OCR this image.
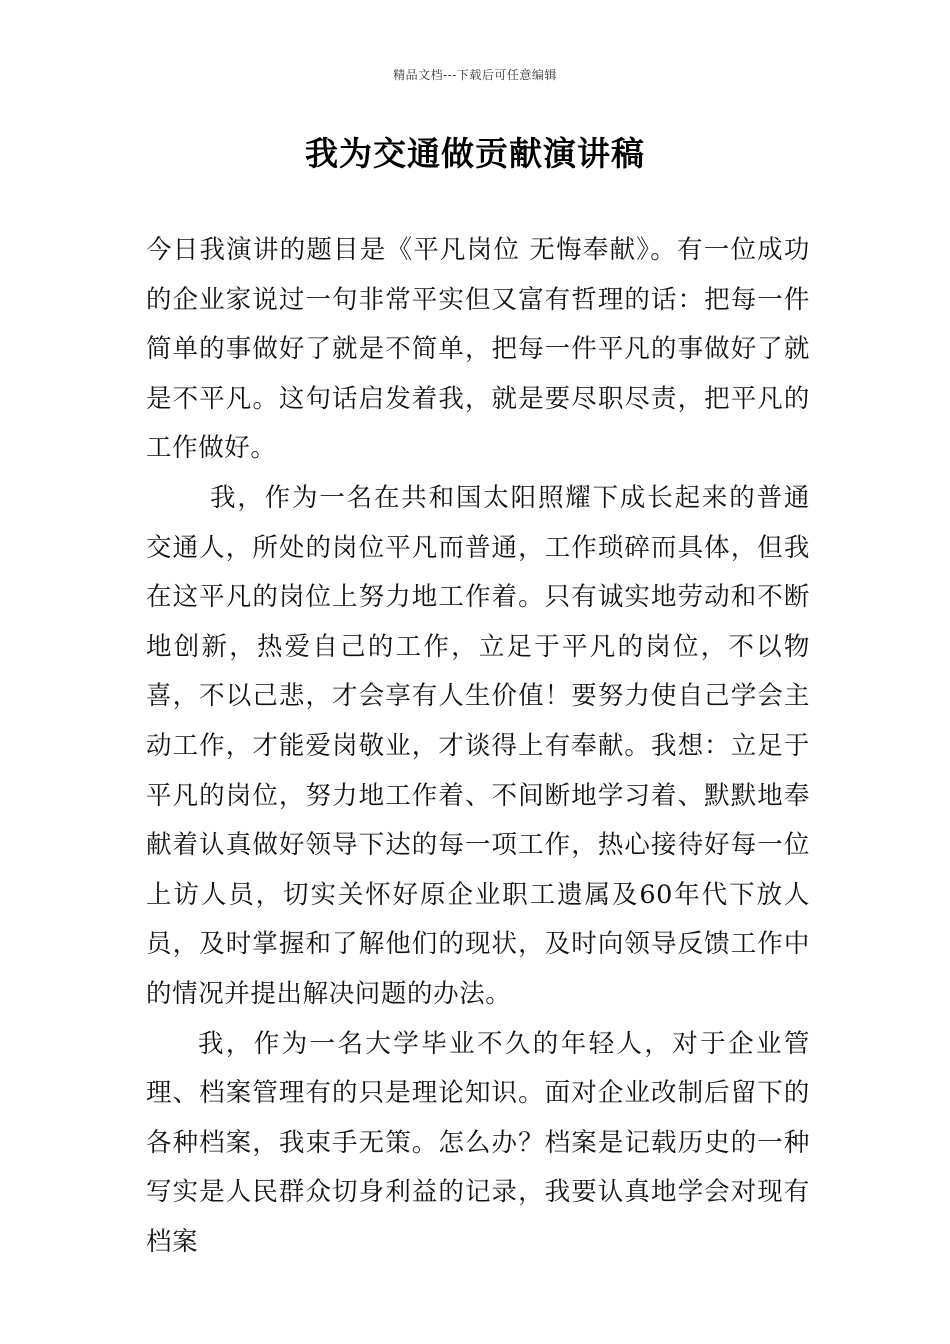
精品文档---下载后可任意编辑
我为交通做贡献演讲稿

今日我演讲的题目是《平凡岗位 无悔奉献》。有一位成功的企业家说过一句非常平实但又富有哲理的话：把每一件简单的事做好了就是不简单，把每一件平凡的事做好了就是不平凡。这句话启发着我，就是要尽职尽责，把平凡的工作做好。

我，作为一名在共和国太阳照耀下成长起来的普通交通人，所处的岗位平凡而普通，工作琐碎而具体，但我在这平凡的岗位上努力地工作着。只有诚实地劳动和不断地创新，热爱自己的工作，立足于平凡的岗位，不以物喜，不以己悲，才会享有人生价值！要努力使自己学会主动工作，才能爱岗敬业，才谈得上有奉献。我想：立足于平凡的岗位，努力地工作着、不间断地学习着、默默地奉献着认真做好领导下达的每一项工作，热心接待好每一位上访人员，切实关怀好原企业职工遗属及60年代下放人员，及时掌握和了解他们的现状，及时向领导反馈工作中的情况并提出解决问题的办法。

我，作为一名大学毕业不久的年轻人，对于企业管理、档案管理有的只是理论知识。面对企业改制后留下的各种档案，我束手无策。怎么办？档案是记载历史的一种写实是人民群众切身利益的记录，我要认真地学会对现有档案
